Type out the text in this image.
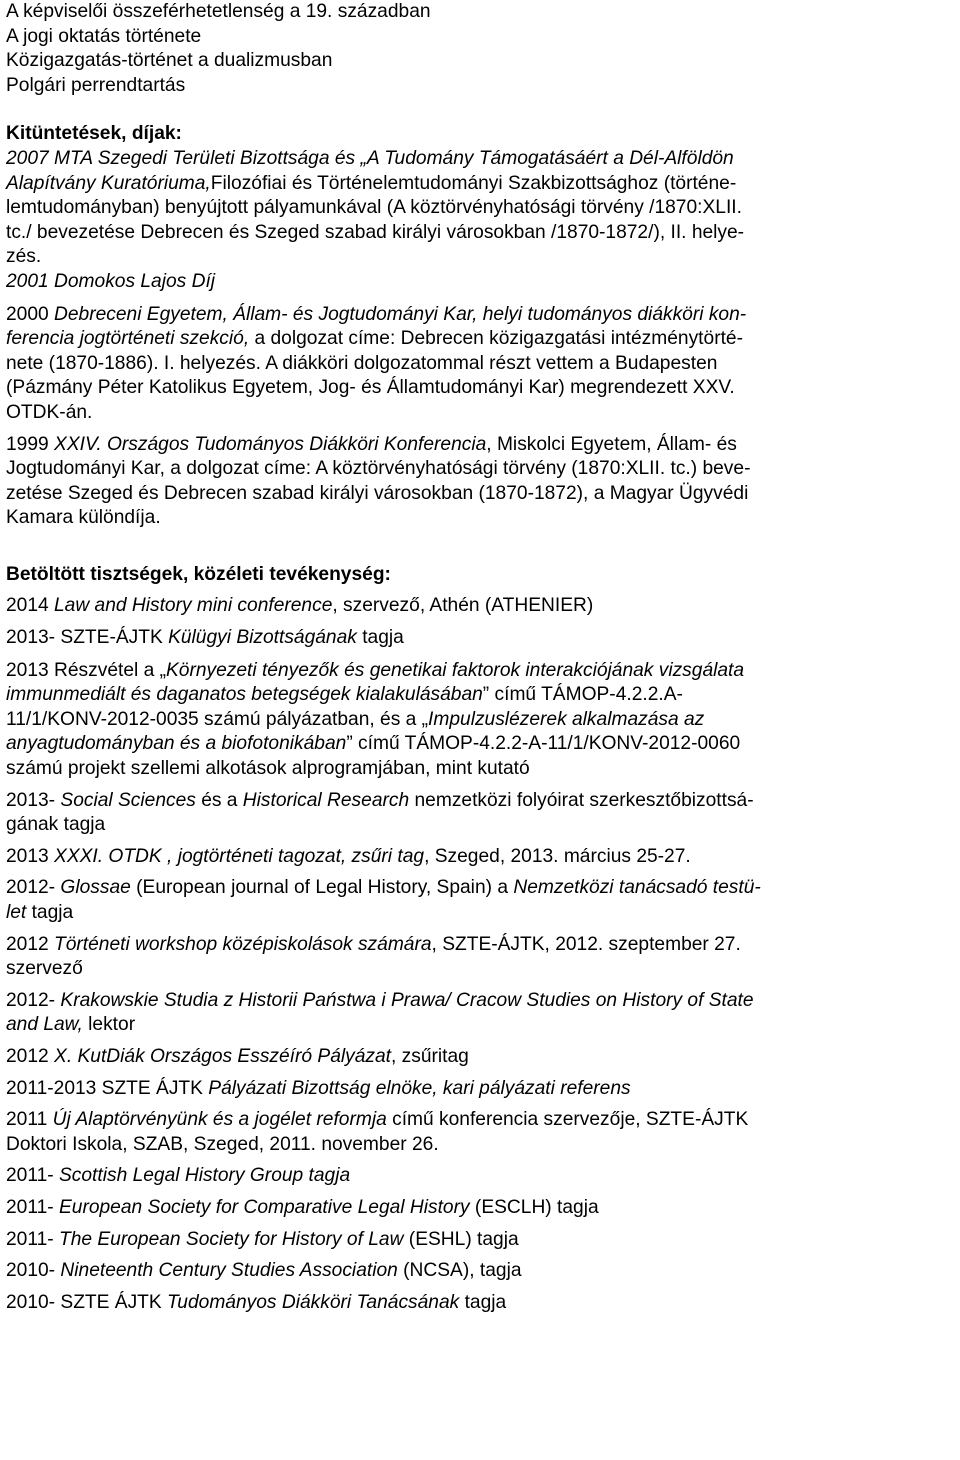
A képviselői összeférhetetlenség a 19. században
A jogi oktatás története
Közigazgatás-történet a dualizmusban
Polgári perrendtartás
Kitüntetések, díjak:
2007 MTA Szegedi Területi Bizottsága és „A Tudomány Támogatásáért a Dél-Alföldön
Alapítvány Kuratóriuma,Filozófiai és Történelemtudományi Szakbizottsághoz (történe-
lemtudományban) benyújtott pályamunkával (A köztörvényhatósági törvény /1870:XLII.
tc./ bevezetése Debrecen és Szeged szabad királyi városokban /1870-1872/), II. helye-
zés.
2001 Domokos Lajos Díj
2000 Debreceni Egyetem, Állam- és Jogtudományi Kar, helyi tudományos diákköri kon-
ferencia jogtörténeti szekció, a dolgozat címe: Debrecen közigazgatási intézménytörté-
nete (1870-1886). I. helyezés. A diákköri dolgozatommal részt vettem a Budapesten
(Pázmány Péter Katolikus Egyetem, Jog- és Államtudományi Kar) megrendezett XXV.
OTDK-án.
1999 XXIV. Országos Tudományos Diákköri Konferencia, Miskolci Egyetem, Állam- és
Jogtudományi Kar, a dolgozat címe: A köztörvényhatósági törvény (1870:XLII. tc.) beve-
zetése Szeged és Debrecen szabad királyi városokban (1870-1872), a Magyar Ügyvédi
Kamara különdíja.
Betöltött tisztségek, közéleti tevékenység:
2014 Law and History mini conference, szervező, Athén (ATHENIER)
2013- SZTE-ÁJTK Külügyi Bizottságának tagja
2013 Részvétel a „Környezeti tényezők és genetikai faktorok interakciójának vizsgálata
immunmediált és daganatos betegségek kialakulásában” című TÁMOP-4.2.2.A-
11/1/KONV-2012-0035 számú pályázatban, és a „Impulzuslézerek alkalmazása az
anyagtudományban és a biofotonikában” című TÁMOP-4.2.2-A-11/1/KONV-2012-0060
számú projekt szellemi alkotások alprogramjában, mint kutató
2013- Social Sciences és a Historical Research nemzetközi folyóirat szerkesztőbizottsá-
gának tagja
2013 XXXI. OTDK , jogtörténeti tagozat, zsűri tag, Szeged, 2013. március 25-27.
2012- Glossae (European journal of Legal History, Spain) a Nemzetközi tanácsadó testü-
let tagja
2012 Történeti workshop középiskolások számára, SZTE-ÁJTK, 2012. szeptember 27.
szervező
2012- Krakowskie Studia z Historii Państwa i Prawa/ Cracow Studies on History of State
and Law, lektor
2012 X. KutDiák Országos Esszéíró Pályázat, zsűritag
2011-2013 SZTE ÁJTK Pályázati Bizottság elnöke, kari pályázati referens
2011 Új Alaptörvényünk és a jogélet reformja című konferencia szervezője, SZTE-ÁJTK
Doktori Iskola, SZAB, Szeged, 2011. november 26.
2011- Scottish Legal History Group tagja
2011- European Society for Comparative Legal History (ESCLH) tagja
2011- The European Society for History of Law (ESHL) tagja
2010- Nineteenth Century Studies Association (NCSA), tagja
2010- SZTE ÁJTK Tudományos Diákköri Tanácsának tagja
